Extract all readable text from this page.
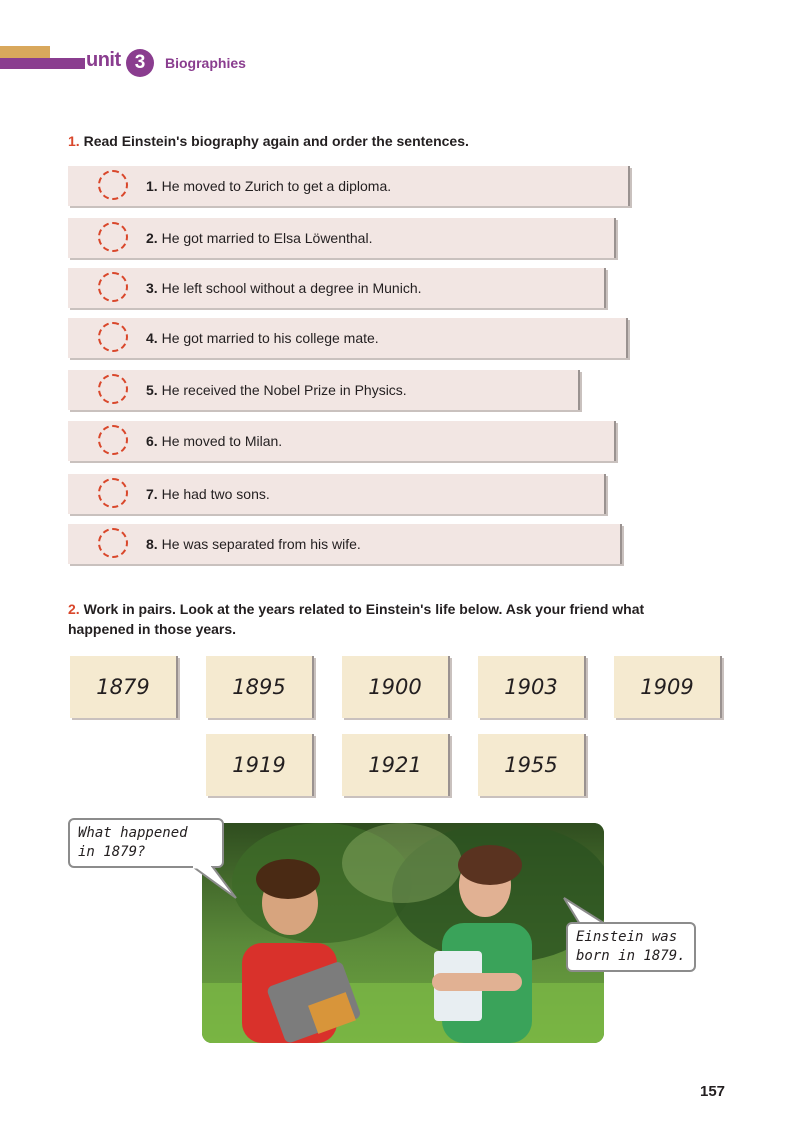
unit 3	Biographies
1. Read Einstein's biography again and order the sentences.
1. He moved to Zurich to get a diploma.
2. He got married to Elsa Löwenthal.
3. He left school without a degree in Munich.
4. He got married to his college mate.
5. He received the Nobel Prize in Physics.
6. He moved to Milan.
7. He had two sons.
8. He was separated from his wife.
2. Work in pairs. Look at the years related to Einstein's life below. Ask your friend what
happened in those years.
1879	1895	1900	1903	1909
1919	1921	1955
What happened
in 1879?
Einstein was
born in 1879.
157
